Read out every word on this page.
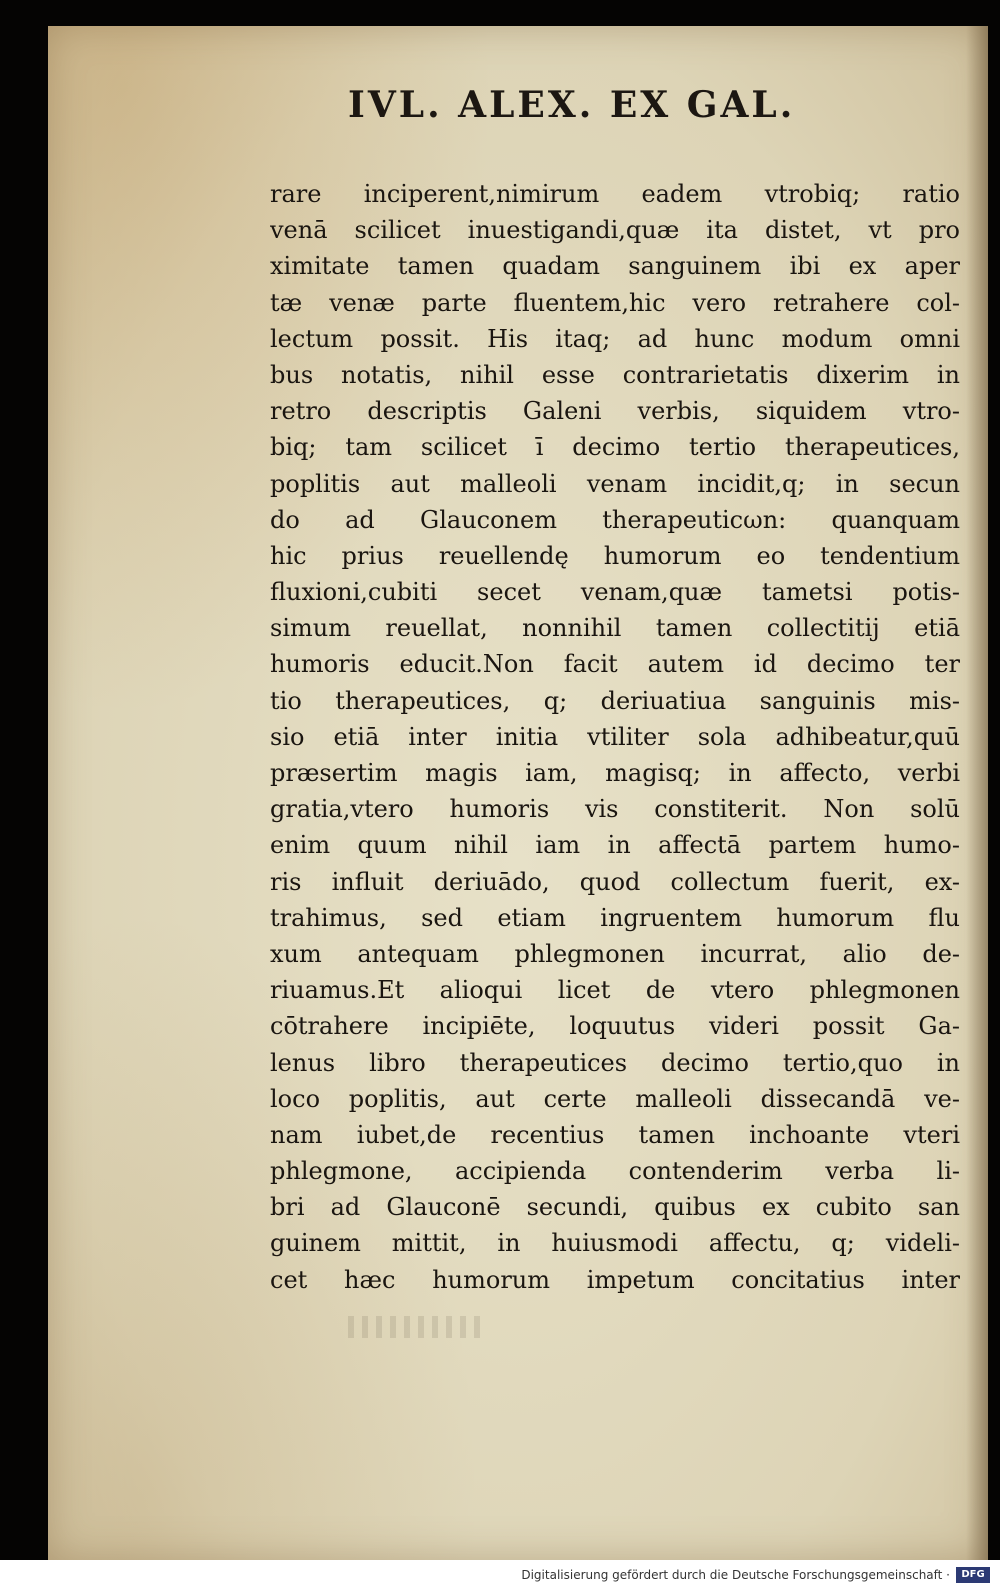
IVL. ALEX. EX GAL.
rare inciperent,nimirum eadem vtrobiq; ratio
venā scilicet inuestigandi,quæ ita distet, vt pro
ximitate tamen quadam sanguinem ibi ex aper
tæ venæ parte fluentem,hic vero retrahere col-
lectum possit. His itaq; ad hunc modum omni
bus notatis, nihil esse contrarietatis dixerim in
retro descriptis Galeni verbis, siquidem vtro-
biq; tam scilicet ī decimo tertio therapeutices,
poplitis aut malleoli venam incidit,q; in secun
do ad Glauconem therapeuticωn: quanquam
hic prius reuellendę humorum eo tendentium
fluxioni,cubiti secet venam,quæ tametsi potis-
simum reuellat, nonnihil tamen collectitij etiā
humoris educit.Non facit autem id decimo ter
tio therapeutices, q; deriuatiua sanguinis mis-
sio etiā inter initia vtiliter sola adhibeatur,quū
præsertim magis iam, magisq; in affecto, verbi
gratia,vtero humoris vis constiterit. Non solū
enim quum nihil iam in affectā partem humo-
ris influit deriuādo, quod collectum fuerit, ex-
trahimus, sed etiam ingruentem humorum flu
xum antequam phlegmonen incurrat, alio de-
riuamus.Et alioqui licet de vtero phlegmonen
cōtrahere incipiēte, loquutus videri possit Ga-
lenus libro therapeutices decimo tertio,quo in
loco poplitis, aut certe malleoli dissecandā ve-
nam iubet,de recentius tamen inchoante vteri
phlegmone, accipienda contenderim verba li-
bri ad Glauconē secundi, quibus ex cubito san
guinem mittit, in huiusmodi affectu, q; videli-
cet hæc humorum impetum concitatius inter
Digitalisierung gefördert durch die Deutsche Forschungsgemeinschaft ·	DFG
